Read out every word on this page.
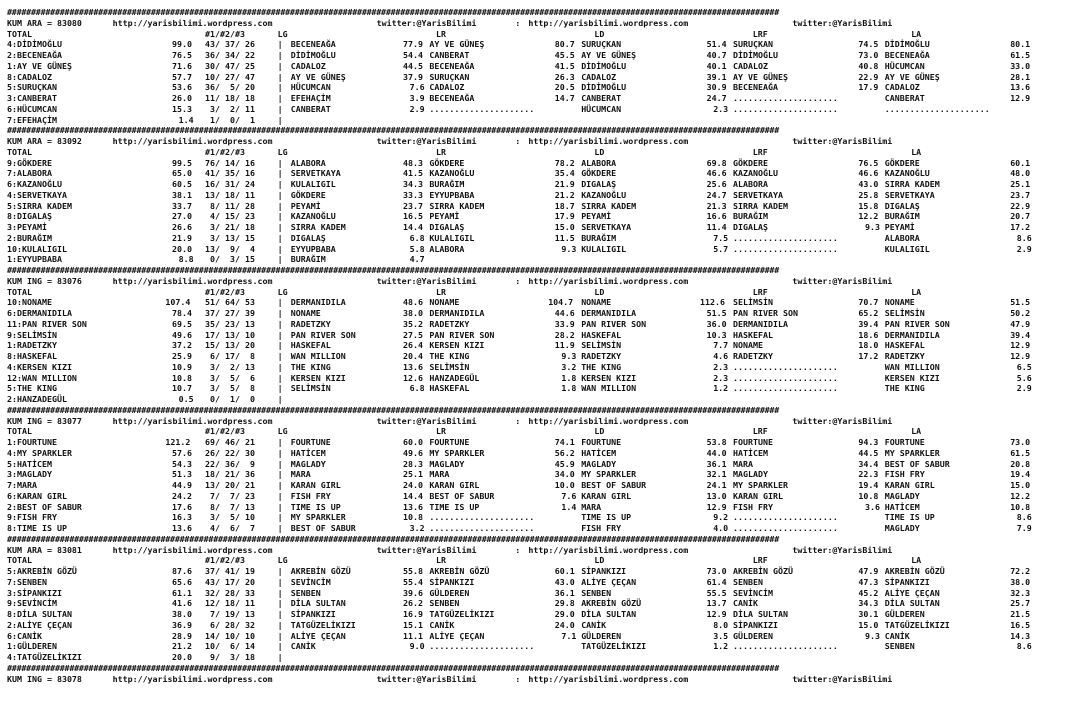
#################################################################################################################################################################
KUM ARA = 83080	http://yarisbilimi.wordpress.com	twitter:@YarisBilimi	: http://yarisbilimi.wordpress.com	twitter:@YarisBilimi
TOTAL	#1/#2/#3	LG	LR	LD	LRF	LA
4:DİDİMOĞLU	99.0 43/ 37/ 26	| BECENEAĞA	77.9 AY VE GÜNEŞ	80.7 SURUÇKAN	51.4 SURUÇKAN	74.5 DİDİMOĞLU	80.1
2:BECENEAĞA	76.5 36/ 34/ 22	| DİDİMOĞLU	54.4 CANBERAT	45.5 AY VE GÜNEŞ	40.7 DİDİMOĞLU	73.0 BECENEAĞA	61.5
1:AY VE GÜNEŞ	71.6 30/ 47/ 25	| CADALOZ	44.5 BECENEAĞA	41.5 DİDİMOĞLU	40.1 CADALOZ	40.8 HÜCUMCAN	33.0
8:CADALOZ	57.7 10/ 27/ 47	| AY VE GÜNEŞ	37.9 SURUÇKAN	26.3 CADALOZ	39.1 AY VE GÜNEŞ	22.9 AY VE GÜNEŞ	28.1
5:SURUÇKAN	53.6 36/  5/ 20	| HÜCUMCAN	7.6 CADALOZ	20.5 DİDİMOĞLU	30.9 BECENEAĞA	17.9 CADALOZ	13.6
3:CANBERAT	26.0 11/ 18/ 18	| EFEHAÇİM	3.9 BECENEAĞA	14.7 CANBERAT	24.7 .....................	CANBERAT	12.9
6:HÜCUMCAN	15.3 3/  2/ 11	| CANBERAT	2.9 .....................	HÜCUMCAN	2.3 .....................	.....................
7:EFEHAÇİM	1.4 1/  0/  1	|
#################################################################################################################################################################
KUM ARA = 83092	http://yarisbilimi.wordpress.com	twitter:@YarisBilimi	: http://yarisbilimi.wordpress.com	twitter:@YarisBilimi
TOTAL	#1/#2/#3	LG	LR	LD	LRF	LA
9:GÖKDERE	99.5 76/ 14/ 16	| ALABORA	48.3 GÖKDERE	78.2 ALABORA	69.8 GÖKDERE	76.5 GÖKDERE	60.1
7:ALABORA	65.0 41/ 35/ 16	| SERVETKAYA	41.5 KAZANOĞLU	35.4 GÖKDERE	46.6 KAZANOĞLU	46.6 KAZANOĞLU	48.0
6:KAZANOĞLU	60.5 16/ 31/ 24	| KULALIGIL	34.3 BURAĞIM	21.9 DIGALAŞ	25.6 ALABORA	43.0 SIRRA KADEM	25.1
4:SERVETKAYA	38.1 13/ 18/ 11	| GÖKDERE	33.3 EYYUPBABA	21.2 KAZANOĞLU	24.7 SERVETKAYA	25.8 SERVETKAYA	23.7
5:SIRRA KADEM	33.7 8/ 11/ 28	| PEYAMİ	23.7 SIRRA KADEM	18.7 SIRRA KADEM	21.3 SIRRA KADEM	15.8 DIGALAŞ	22.9
8:DIGALAŞ	27.0 4/ 15/ 23	| KAZANOĞLU	16.5 PEYAMİ	17.9 PEYAMİ	16.6 BURAĞIM	12.2 BURAĞIM	20.7
3:PEYAMİ	26.6 3/ 21/ 18	| SIRRA KADEM	14.4 DIGALAŞ	15.0 SERVETKAYA	11.4 DIGALAŞ	9.3 PEYAMİ	17.2
2:BURAĞIM	21.9 3/ 13/ 15	| DIGALAŞ	6.8 KULALIGIL	11.5 BURAĞIM	7.5 .....................	ALABORA	8.6
10:KULALIGIL	20.0 13/  9/  4	| EYYUPBABA	5.8 ALABORA	9.3 KULALIGIL	5.7 .....................	KULALIGIL	2.9
1:EYYUPBABA	8.8 0/  3/ 15	| BURAĞIM	4.7
#################################################################################################################################################################
KUM ING = 83076	http://yarisbilimi.wordpress.com	twitter:@YarisBilimi	: http://yarisbilimi.wordpress.com	twitter:@YarisBilimi
TOTAL	#1/#2/#3	LG	LR	LD	LRF	LA
10:NONAME	107.4 51/ 64/ 53	| DERMANIDILA	48.6 NONAME	104.7 NONAME	112.6 SELİMSİN	70.7 NONAME	51.5
6:DERMANIDILA	78.4 37/ 27/ 39	| NONAME	38.0 DERMANIDILA	44.6 DERMANIDILA	51.5 PAN RIVER SON	65.2 SELİMSİN	50.2
11:PAN RIVER SON	69.5 35/ 23/ 13	| RADETZKY	35.2 RADETZKY	33.9 PAN RIVER SON	36.0 DERMANIDILA	39.4 PAN RIVER SON	47.9
9:SELİMSİN	49.6 17/ 13/ 10	| PAN RIVER SON	27.5 PAN RIVER SON	28.2 HASKEFAL	10.3 HASKEFAL	18.6 DERMANIDILA	39.4
1:RADETZKY	37.2 15/ 13/ 20	| HASKEFAL	26.4 KERSEN KIZI	11.9 SELİMSİN	7.7 NONAME	18.0 HASKEFAL	12.9
8:HASKEFAL	25.9 6/ 17/  8	| WAN MILLION	20.4 THE KING	9.3 RADETZKY	4.6 RADETZKY	17.2 RADETZKY	12.9
4:KERSEN KIZI	10.9 3/  2/ 13	| THE KING	13.6 SELİMSİN	3.2 THE KING	2.3 .....................	WAN MILLION	6.5
12:WAN MILLION	10.8 3/  5/  6	| KERSEN KIZI	12.6 HANZADEGÜL	1.8 KERSEN KIZI	2.3 .....................	KERSEN KIZI	5.6
5:THE KING	10.7 3/  5/  8	| SELİMSİN	6.8 HASKEFAL	1.8 WAN MILLION	1.2 .....................	THE KING	2.9
2:HANZADEGÜL	0.5 0/  1/  0	|
#################################################################################################################################################################
KUM ING = 83077	http://yarisbilimi.wordpress.com	twitter:@YarisBilimi	: http://yarisbilimi.wordpress.com	twitter:@YarisBilimi
TOTAL	#1/#2/#3	LG	LR	LD	LRF	LA
1:FOURTUNE	121.2 69/ 46/ 21	| FOURTUNE	60.0 FOURTUNE	74.1 FOURTUNE	53.8 FOURTUNE	94.3 FOURTUNE	73.0
4:MY SPARKLER	57.6 26/ 22/ 30	| HATİCEM	49.6 MY SPARKLER	56.2 HATİCEM	44.0 HATİCEM	44.5 MY SPARKLER	61.5
5:HATİCEM	54.3 22/ 36/  9	| MAGLADY	28.3 MAGLADY	45.9 MAGLADY	36.1 MARA	34.4 BEST OF SABUR	20.8
3:MAGLADY	51.3 18/ 21/ 36	| MARA	25.1 MARA	34.0 MY SPARKLER	32.1 MAGLADY	22.3 FISH FRY	19.4
7:MARA	44.9 13/ 20/ 21	| KARAN GIRL	24.0 KARAN GIRL	10.0 BEST OF SABUR	24.1 MY SPARKLER	19.4 KARAN GIRL	15.0
6:KARAN GIRL	24.2 7/  7/ 23	| FISH FRY	14.4 BEST OF SABUR	7.6 KARAN GIRL	13.0 KARAN GIRL	10.8 MAGLADY	12.2
2:BEST OF SABUR	17.6 8/  7/ 13	| TIME IS UP	13.6 TIME IS UP	1.4 MARA	12.9 FISH FRY	3.6 HATİCEM	10.8
9:FISH FRY	16.3 3/  5/ 10	| MY SPARKLER	10.8 .....................	TIME IS UP	9.2 .....................	TIME IS UP	8.6
8:TIME IS UP	13.6 4/  6/  7	| BEST OF SABUR	3.2 .....................	FISH FRY	4.0 .....................	MAGLADY	7.9
#################################################################################################################################################################
KUM ARA = 83081	http://yarisbilimi.wordpress.com	twitter:@YarisBilimi	: http://yarisbilimi.wordpress.com	twitter:@YarisBilimi
TOTAL	#1/#2/#3	LG	LR	LD	LRF	LA
5:AKREBİN GÖZÜ	87.6 37/ 41/ 19	| AKREBİN GÖZÜ	55.8 AKREBİN GÖZÜ	60.1 SİPANKIZI	73.0 AKREBİN GÖZÜ	47.9 AKREBİN GÖZÜ	72.2
7:SENBEN	65.6 43/ 17/ 20	| SEVİNCİM	55.4 SİPANKIZI	43.0 ALİYE ÇEÇAN	61.4 SENBEN	47.3 SİPANKIZI	38.0
3:SİPANKIZI	61.1 32/ 28/ 33	| SENBEN	39.6 GÜLDEREN	36.1 SENBEN	55.5 SEVİNCİM	45.2 ALİYE ÇEÇAN	32.3
9:SEVİNCİM	41.6 12/ 18/ 11	| DİLA SULTAN	26.2 SENBEN	29.8 AKREBİN GÖZÜ	13.7 CANİK	34.3 DİLA SULTAN	25.7
8:DİLA SULTAN	38.0 7/ 19/ 13	| SİPANKIZI	16.9 TATGÜZELİKIZI	29.0 DİLA SULTAN	12.9 DİLA SULTAN	30.1 GÜLDEREN	21.5
2:ALİYE ÇEÇAN	36.9 6/ 28/ 32	| TATGÜZELİKIZI	15.1 CANİK	24.0 CANİK	8.0 SİPANKIZI	15.0 TATGÜZELİKIZI	16.5
6:CANİK	28.9 14/ 10/ 10	| ALİYE ÇEÇAN	11.1 ALİYE ÇEÇAN	7.1 GÜLDEREN	3.5 GÜLDEREN	9.3 CANİK	14.3
1:GÜLDEREN	21.2 10/  6/ 14	| CANİK	9.0 .....................	TATGÜZELİKIZI	1.2 .....................	SENBEN	8.6
4:TATGÜZELİKIZI	20.0 9/  3/ 18	|
#################################################################################################################################################################
KUM ING = 83078	http://yarisbilimi.wordpress.com	twitter:@YarisBilimi	: http://yarisbilimi.wordpress.com	twitter:@YarisBilimi
